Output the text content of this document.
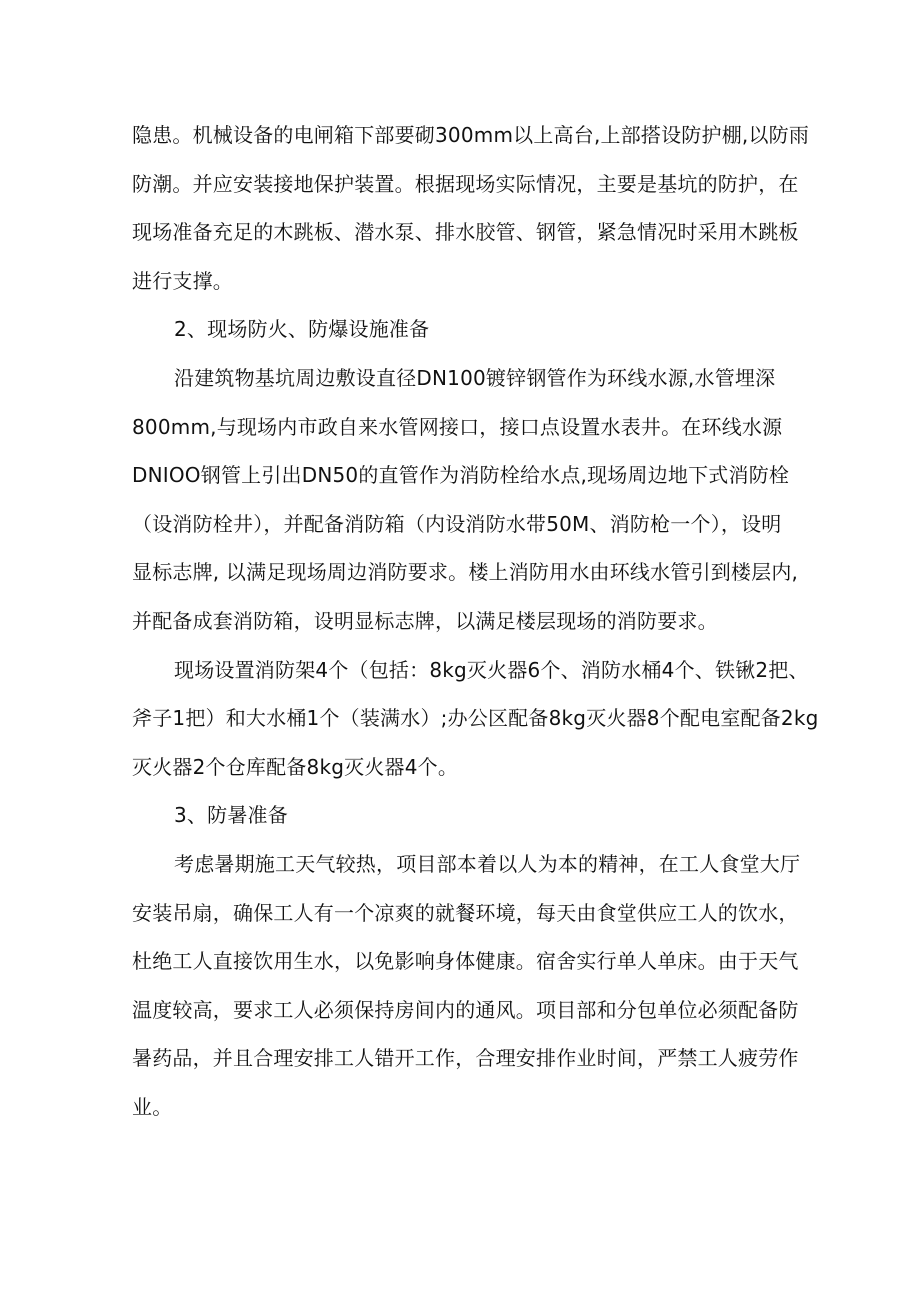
隐患。机械设备的电闸箱下部要砌300mm以上高台,上部搭设防护棚,以防雨
防潮。并应安装接地保护装置。根据现场实际情况，主要是基坑的防护，在
现场准备充足的木跳板、潜水泵、排水胶管、钢管，紧急情况时采用木跳板
进行支撑。
2、现场防火、防爆设施准备
沿建筑物基坑周边敷设直径DN100镀锌钢管作为环线水源,水管埋深
800mm,与现场内市政自来水管网接口，接口点设置水表井。在环线水源
DNIOO钢管上引出DN50的直管作为消防栓给水点,现场周边地下式消防栓
（设消防栓井），并配备消防箱（内设消防水带50M、消防枪一个），设明
显标志牌, 以满足现场周边消防要求。楼上消防用水由环线水管引到楼层内,
并配备成套消防箱，设明显标志牌，以满足楼层现场的消防要求。
现场设置消防架4个（包括：8kg灭火器6个、消防水桶4个、铁锹2把、
斧子1把）和大水桶1个（装满水）;办公区配备8kg灭火器8个配电室配备2kg
灭火器2个仓库配备8kg灭火器4个。
3、防暑准备
考虑暑期施工天气较热，项目部本着以人为本的精神，在工人食堂大厅
安装吊扇，确保工人有一个凉爽的就餐环境，每天由食堂供应工人的饮水，
杜绝工人直接饮用生水，以免影响身体健康。宿舍实行单人单床。由于天气
温度较高，要求工人必须保持房间内的通风。项目部和分包单位必须配备防
暑药品，并且合理安排工人错开工作，合理安排作业时间，严禁工人疲劳作
业。
